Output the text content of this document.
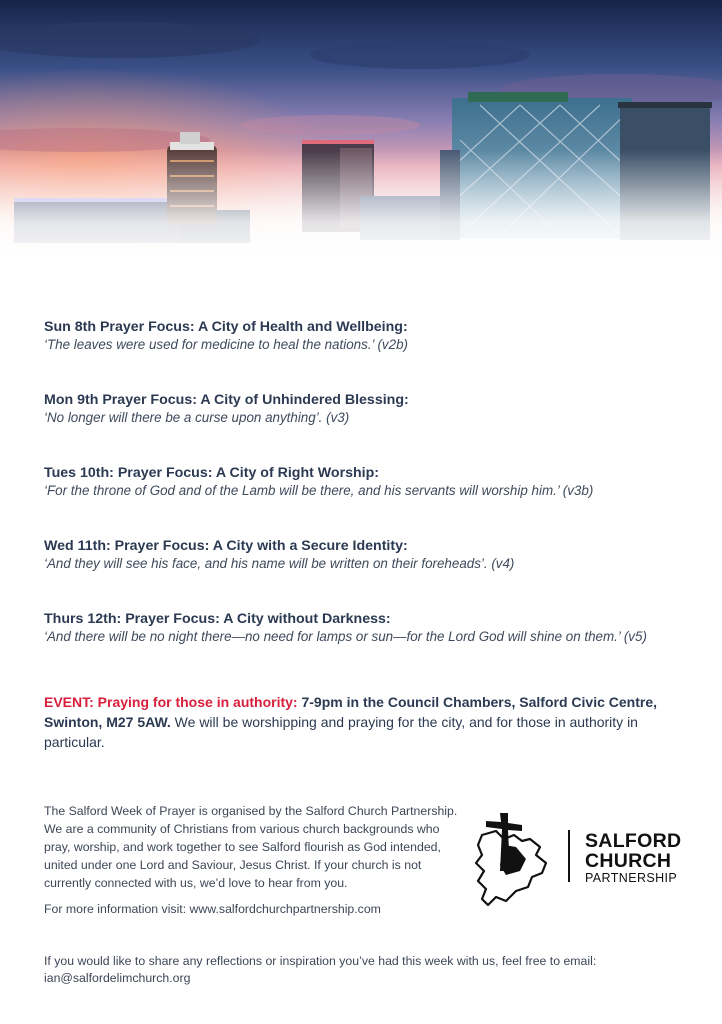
Sun 8th Prayer Focus: A City of Health and Wellbeing:
‘The leaves were used for medicine to heal the nations.’ (v2b)
Mon 9th Prayer Focus: A City of Unhindered Blessing:
‘No longer will there be a curse upon anything’. (v3)
Tues 10th: Prayer Focus: A City of Right Worship:
‘For the throne of God and of the Lamb will be there, and his servants will worship him.’ (v3b)
Wed 11th: Prayer Focus: A City with a Secure Identity:
‘And they will see his face, and his name will be written on their foreheads’. (v4)
Thurs 12th: Prayer Focus: A City without Darkness:
‘And there will be no night there—no need for lamps or sun—for the Lord God will shine on them.’ (v5)
EVENT: Praying for those in authority: 7-9pm in the Council Chambers, Salford Civic Centre, Swinton, M27 5AW. We will be worshipping and praying for the city, and for those in authority in particular.

The Salford Week of Prayer is organised by the Salford Church Partnership. We are a community of Christians from various church backgrounds who pray, worship, and work together to see Salford flourish as God intended, united under one Lord and Saviour, Jesus Christ. If your church is not currently connected with us, we’d love to hear from you.

For more information visit: www.salfordchurchpartnership.com
SALFORD
CHURCH
PARTNERSHIP
If you would like to share any reflections or inspiration you’ve had this week with us, feel free to email: ian@salfordelimchurch.org
